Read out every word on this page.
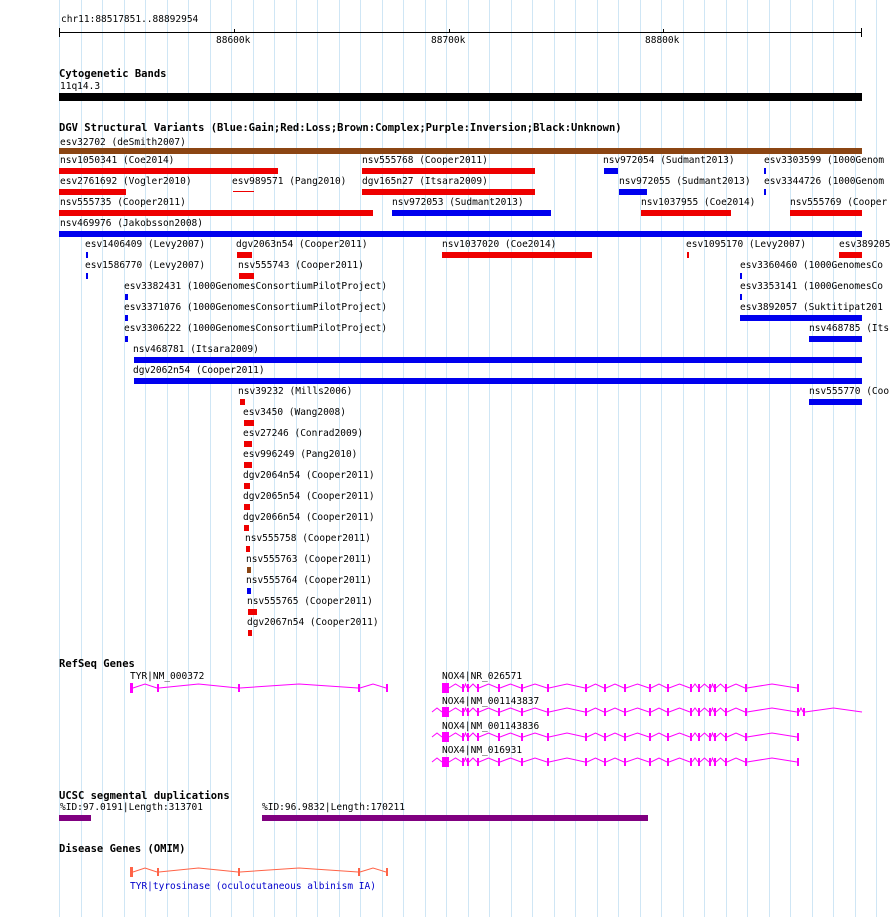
chr11:88517851..88892954
88600k	88700k	88800k
Cytogenetic Bands
11q14.3
DGV Structural Variants (Blue:Gain;Red:Loss;Brown:Complex;Purple:Inversion;Black:Unknown)
esv32702 (deSmith2007)
nsv1050341 (Coe2014)	nsv555768 (Cooper2011)	nsv972054 (Sudmant2013)	esv3303599 (1000Genom
esv2761692 (Vogler2010)	esv989571 (Pang2010) dgv165n27 (Itsara2009)	nsv972055 (Sudmant2013) esv3344726 (1000Genom
nsv555735 (Cooper2011)	nsv972053 (Sudmant2013)	nsv1037955 (Coe2014)	nsv555769 (Cooper
nsv469976 (Jakobsson2008)
esv1406409 (Levy2007)	dgv2063n54 (Cooper2011)	nsv1037020 (Coe2014)	esv1095170 (Levy2007)	esv389205
esv1586770 (Levy2007)	nsv555743 (Cooper2011)	esv3360460 (1000GenomesCo
esv3382431 (1000GenomesConsortiumPilotProject)	esv3353141 (1000GenomesCo
esv3371076 (1000GenomesConsortiumPilotProject)	esv3892057 (Suktitipat201
esv3306222 (1000GenomesConsortiumPilotProject)	nsv468785 (Its
nsv468781 (Itsara2009)
dgv2062n54 (Cooper2011)
nsv39232 (Mills2006)	nsv555770 (Coo
esv3450 (Wang2008)
esv27246 (Conrad2009)
esv996249 (Pang2010)
dgv2064n54 (Cooper2011)
dgv2065n54 (Cooper2011)
dgv2066n54 (Cooper2011)
nsv555758 (Cooper2011)
nsv555763 (Cooper2011)
nsv555764 (Cooper2011)
nsv555765 (Cooper2011)
dgv2067n54 (Cooper2011)
RefSeq Genes
TYR|NM_000372	NOX4|NR_026571
NOX4|NM_001143837
NOX4|NM_001143836
NOX4|NM_016931
UCSC segmental duplications
%ID:97.0191|Length:313701	%ID:96.9832|Length:170211
Disease Genes (OMIM)
TYR|tyrosinase (oculocutaneous albinism IA)
